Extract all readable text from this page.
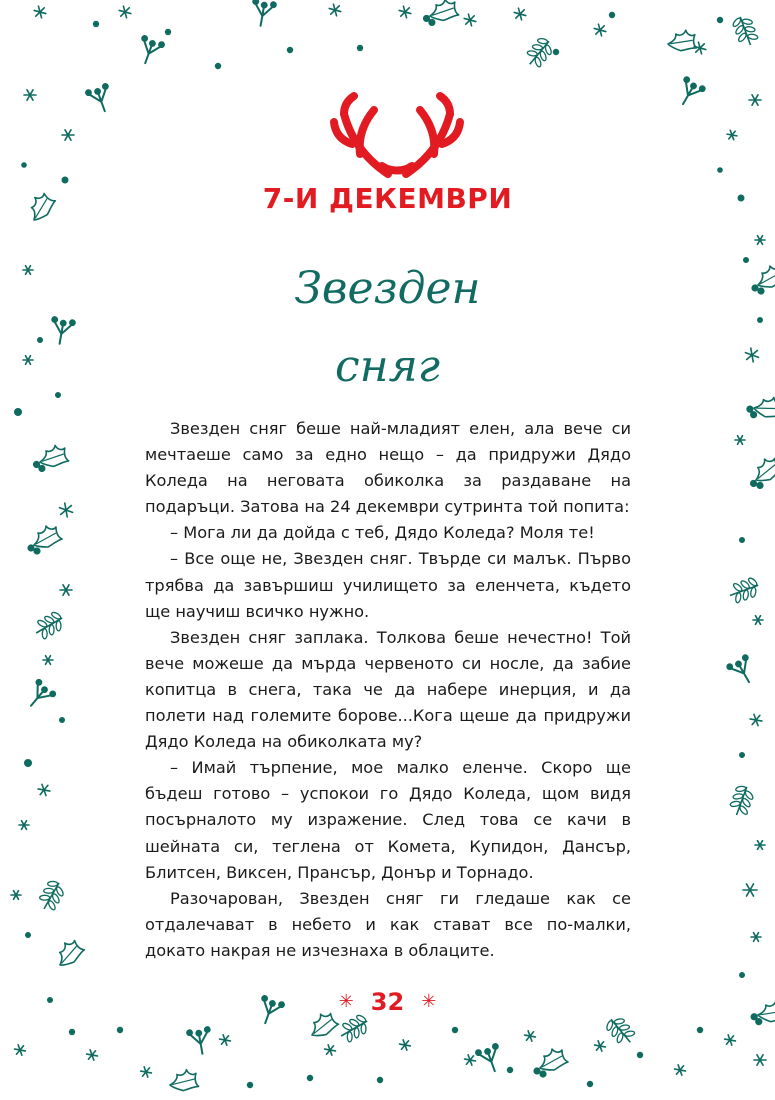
7-И ДЕКЕМВРИ
Звезден
сняг

Звезден сняг беше най-младият елен, ала вече си мечтаеше само за едно нещо – да придружи Дядо Коледа на неговата обиколка за раздаване на подаръци. Затова на 24 декември сутринта той попита:

– Мога ли да дойда с теб, Дядо Коледа? Моля те!

– Все още не, Звезден сняг. Твърде си малък. Първо трябва да завършиш училището за еленчета, където ще научиш всичко нужно.

Звезден сняг заплака. Толкова беше нечестно! Той вече можеше да мърда червеното си носле, да забие копитца в снега, така че да набере инерция, и да полети над големите борове...Кога щеше да придружи Дядо Коледа на обиколката му?

– Имай търпение, мое малко еленче. Скоро ще бъдеш готово – успокои го Дядо Коледа, щом видя посърналото му изражение. След това се качи в шейната си, теглена от Комета, Купидон, Дансър, Блитсен, Виксен, Прансър, Донър и Торнадо.

Разочарован, Звезден сняг ги гледаше как се отдалечават в небето и как стават все по-малки, докато накрая не изчезнаха в облаците.

✳ 32 ✳
